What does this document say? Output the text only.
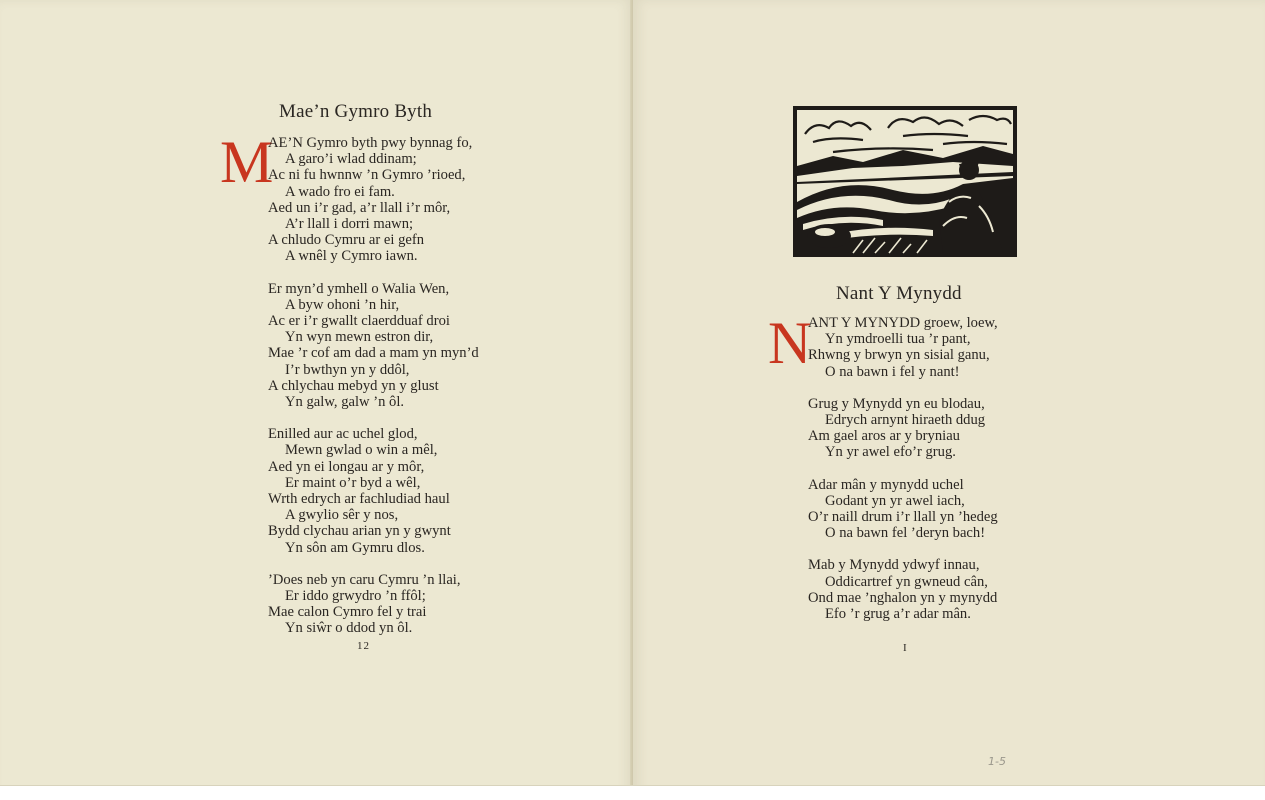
Mae’n Gymro Byth
M
AE’N Gymro byth pwy bynnag fo,
A garo’i wlad ddinam;
Ac ni fu hwnnw ’n Gymro ’rioed,
A wado fro ei fam.
Aed un i’r gad, a’r llall i’r môr,
A’r llall i dorri mawn;
A chludo Cymru ar ei gefn
A wnêl y Cymro iawn.
Er myn’d ymhell o Walia Wen,
A byw ohoni ’n hir,
Ac er i’r gwallt claerdduaf droi
Yn wyn mewn estron dir,
Mae ’r cof am dad a mam yn myn’d
I’r bwthyn yn y ddôl,
A chlychau mebyd yn y glust
Yn galw, galw ’n ôl.
Enilled aur ac uchel glod,
Mewn gwlad o win a mêl,
Aed yn ei longau ar y môr,
Er maint o’r byd a wêl,
Wrth edrych ar fachludiad haul
A gwylio sêr y nos,
Bydd clychau arian yn y gwynt
Yn sôn am Gymru dlos.
’Does neb yn caru Cymru ’n llai,
Er iddo grwydro ’n ffôl;
Mae calon Cymro fel y trai
Yn siŵr o ddod yn ôl.
12	I
1-5
Nant Y Mynydd
N
ANT Y MYNYDD groew, loew,
Yn ymdroelli tua ’r pant,
Rhwng y brwyn yn sisial ganu,
O na bawn i fel y nant!
Grug y Mynydd yn eu blodau,
Edrych arnynt hiraeth ddug
Am gael aros ar y bryniau
Yn yr awel efo’r grug.
Adar mân y mynydd uchel
Godant yn yr awel iach,
O’r naill drum i’r llall yn ’hedeg
O na bawn fel ’deryn bach!
Mab y Mynydd ydwyf innau,
Oddicartref yn gwneud cân,
Ond mae ’nghalon yn y mynydd
Efo ’r grug a’r adar mân.
